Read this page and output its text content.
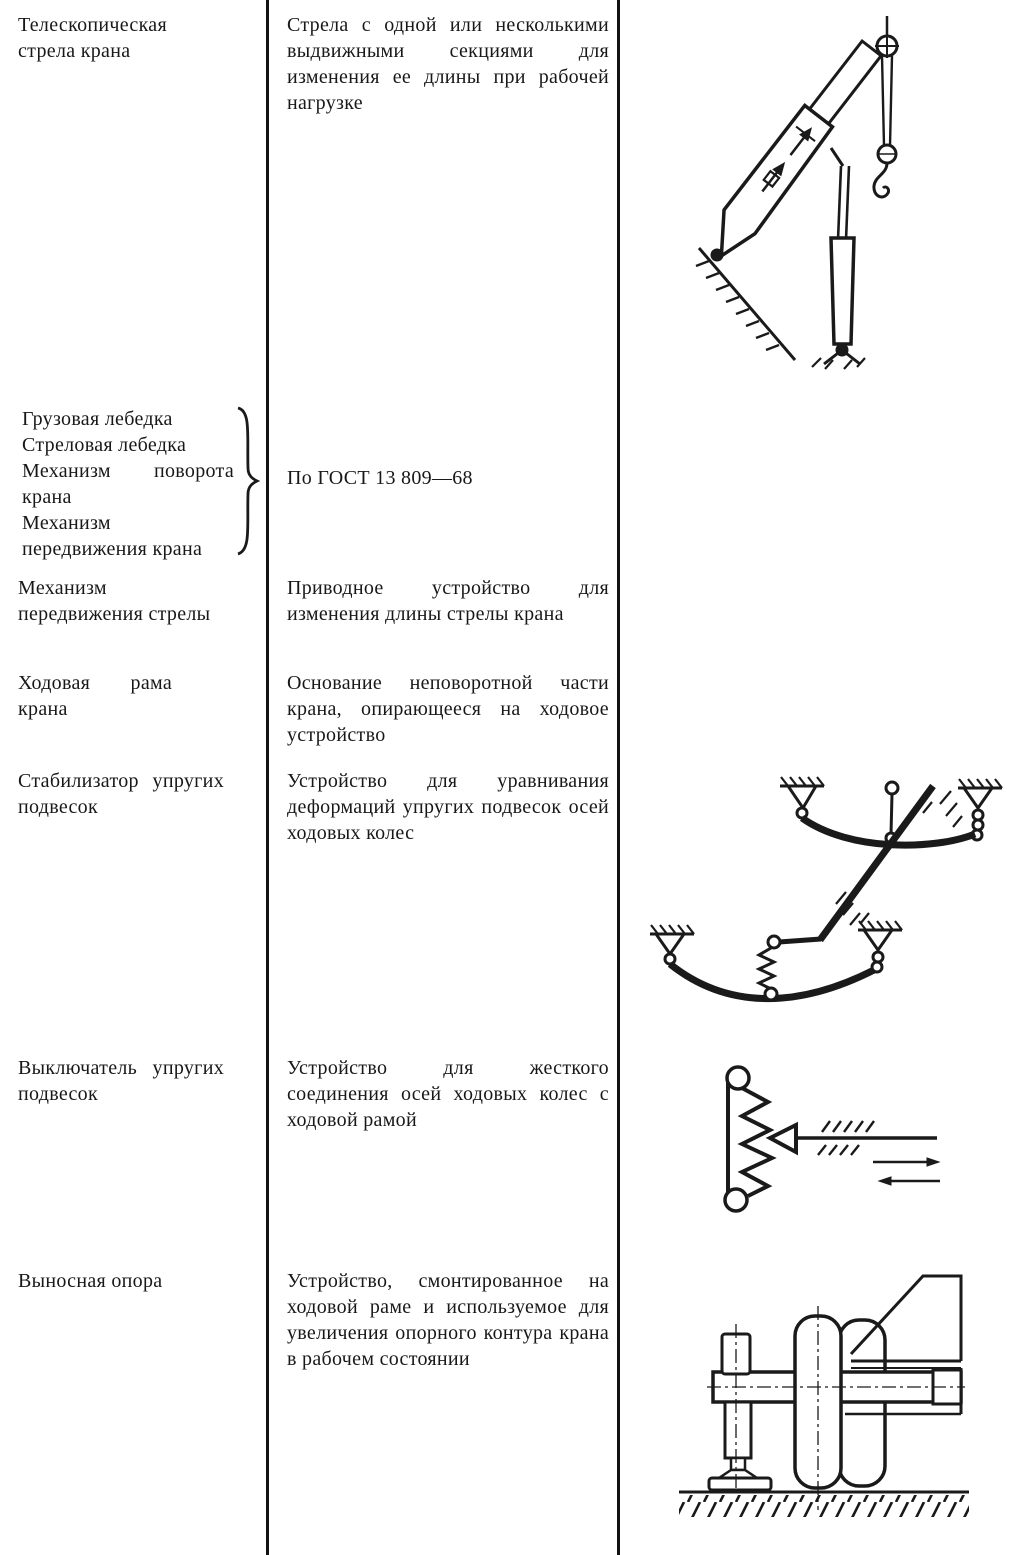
Телескопическая стрела крана
Стрела с одной или несколькими выдвижными секциями для изменения ее длины при рабочей нагрузке
Грузовая лебедка
Стреловая лебедка
Механизм поворота крана
Механизм передвижения крана
По ГОСТ 13 809—68
Механизм передвижения стрелы
Приводное устройство для изменения длины стрелы крана
Ходовая рама крана
Основание неповоротной части крана, опирающееся на ходовое устройство
Стабилизатор упругих подвесок
Устройство для уравнивания деформаций упругих подвесок осей ходовых колес
Выключатель упругих подвесок
Устройство для жесткого соединения осей ходовых колес с ходовой рамой
Выносная опора	Устройство, смонтированное на ходовой раме и используемое для увеличения опорного контура крана в рабочем состоянии
